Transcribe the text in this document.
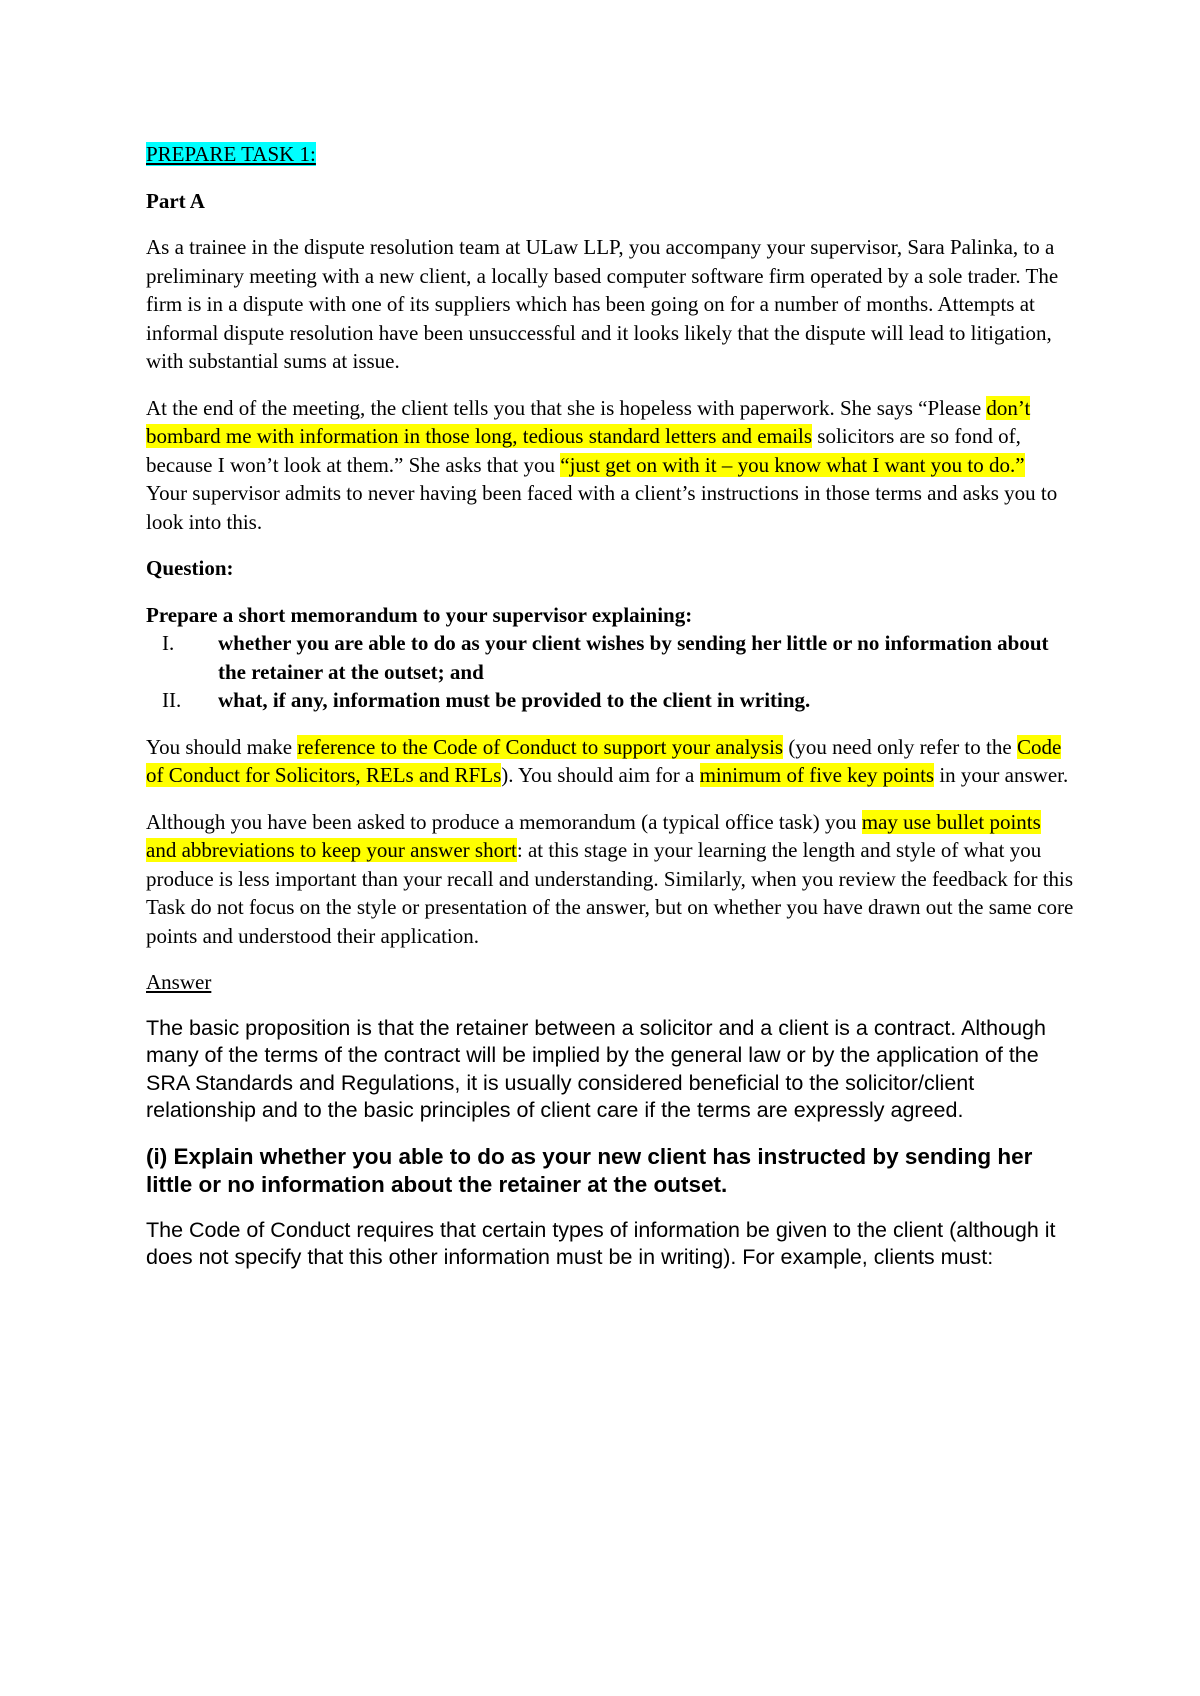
PREPARE TASK 1:

Part A

As a trainee in the dispute resolution team at ULaw LLP, you accompany your supervisor, Sara Palinka, to a preliminary meeting with a new client, a locally based computer software firm operated by a sole trader. The firm is in a dispute with one of its suppliers which has been going on for a number of months. Attempts at informal dispute resolution have been unsuccessful and it looks likely that the dispute will lead to litigation, with substantial sums at issue.

At the end of the meeting, the client tells you that she is hopeless with paperwork. She says “Please don’t bombard me with information in those long, tedious standard letters and emails solicitors are so fond of, because I won’t look at them.” She asks that you “just get on with it – you know what I want you to do.”

Your supervisor admits to never having been faced with a client’s instructions in those terms and asks you to look into this.

Question:

Prepare a short memorandum to your supervisor explaining:

I.	whether you are able to do as your client wishes by sending her little or no information about the retainer at the outset; and
II.	what, if any, information must be provided to the client in writing.

You should make reference to the Code of Conduct to support your analysis (you need only refer to the Code of Conduct for Solicitors, RELs and RFLs). You should aim for a minimum of five key points in your answer.

Although you have been asked to produce a memorandum (a typical office task) you may use bullet points and abbreviations to keep your answer short: at this stage in your learning the length and style of what you produce is less important than your recall and understanding. Similarly, when you review the feedback for this Task do not focus on the style or presentation of the answer, but on whether you have drawn out the same core points and understood their application.

Answer

The basic proposition is that the retainer between a solicitor and a client is a contract. Although many of the terms of the contract will be implied by the general law or by the application of the SRA Standards and Regulations, it is usually considered beneficial to the solicitor/client relationship and to the basic principles of client care if the terms are expressly agreed.

(i) Explain whether you able to do as your new client has instructed by sending her little or no information about the retainer at the outset.

The Code of Conduct requires that certain types of information be given to the client (although it does not specify that this other information must be in writing). For example, clients must:
